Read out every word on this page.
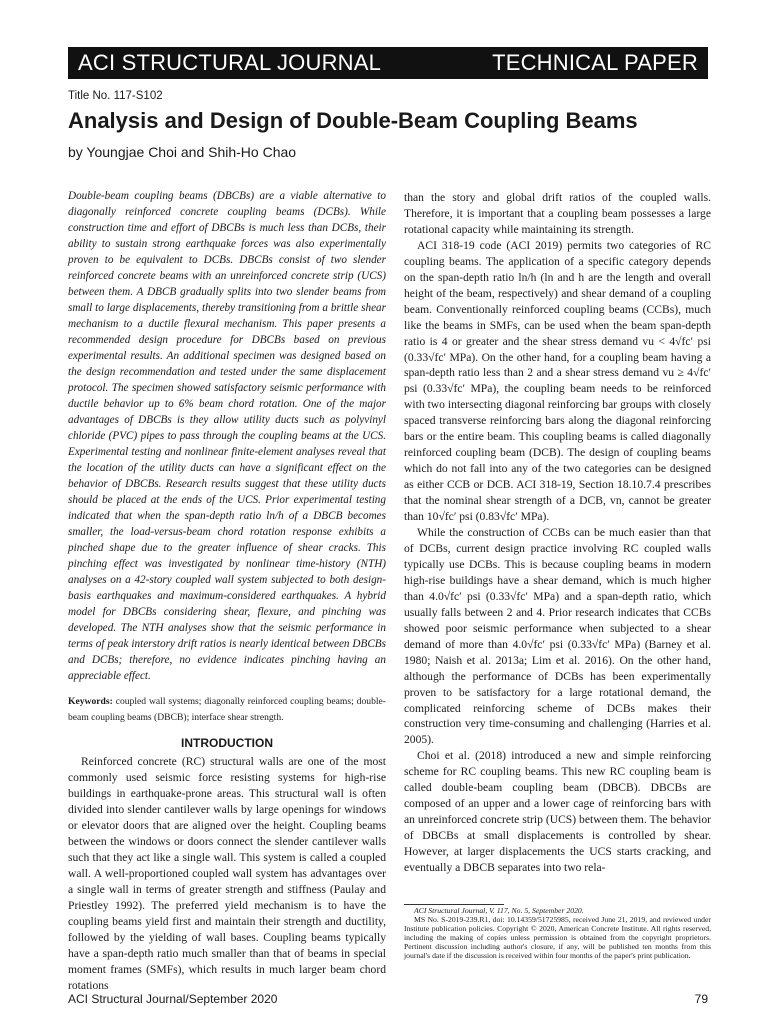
ACI STRUCTURAL JOURNAL	TECHNICAL PAPER
Title No. 117-S102
Analysis and Design of Double-Beam Coupling Beams
by Youngjae Choi and Shih-Ho Chao

Double-beam coupling beams (DBCBs) are a viable alternative to diagonally reinforced concrete coupling beams (DCBs). While construction time and effort of DBCBs is much less than DCBs, their ability to sustain strong earthquake forces was also experimentally proven to be equivalent to DCBs. DBCBs consist of two slender reinforced concrete beams with an unreinforced concrete strip (UCS) between them. A DBCB gradually splits into two slender beams from small to large displacements, thereby transitioning from a brittle shear mechanism to a ductile flexural mechanism. This paper presents a recommended design procedure for DBCBs based on previous experimental results. An additional specimen was designed based on the design recommendation and tested under the same displacement protocol. The specimen showed satisfactory seismic performance with ductile behavior up to 6% beam chord rotation. One of the major advantages of DBCBs is they allow utility ducts such as polyvinyl chloride (PVC) pipes to pass through the coupling beams at the UCS. Experimental testing and nonlinear finite-element analyses reveal that the location of the utility ducts can have a significant effect on the behavior of DBCBs. Research results suggest that these utility ducts should be placed at the ends of the UCS. Prior experimental testing indicated that when the span-depth ratio ln/h of a DBCB becomes smaller, the load-versus-beam chord rotation response exhibits a pinched shape due to the greater influence of shear cracks. This pinching effect was investigated by nonlinear time-history (NTH) analyses on a 42-story coupled wall system subjected to both design-basis earthquakes and maximum-considered earthquakes. A hybrid model for DBCBs considering shear, flexure, and pinching was developed. The NTH analyses show that the seismic performance in terms of peak interstory drift ratios is nearly identical between DBCBs and DCBs; therefore, no evidence indicates pinching having an appreciable effect.

Keywords: coupled wall systems; diagonally reinforced coupling beams; double-beam coupling beams (DBCB); interface shear strength.

INTRODUCTION

Reinforced concrete (RC) structural walls are one of the most commonly used seismic force resisting systems for high-rise buildings in earthquake-prone areas. This structural wall is often divided into slender cantilever walls by large openings for windows or elevator doors that are aligned over the height. Coupling beams between the windows or doors connect the slender cantilever walls such that they act like a single wall. This system is called a coupled wall. A well-proportioned coupled wall system has advantages over a single wall in terms of greater strength and stiffness (Paulay and Priestley 1992). The preferred yield mechanism is to have the coupling beams yield first and maintain their strength and ductility, followed by the yielding of wall bases. Coupling beams typically have a span-depth ratio much smaller than that of beams in special moment frames (SMFs), which results in much larger beam chord rotations

than the story and global drift ratios of the coupled walls. Therefore, it is important that a coupling beam possesses a large rotational capacity while maintaining its strength.

ACI 318-19 code (ACI 2019) permits two categories of RC coupling beams. The application of a specific category depends on the span-depth ratio ln/h (ln and h are the length and overall height of the beam, respectively) and shear demand of a coupling beam. Conventionally reinforced coupling beams (CCBs), much like the beams in SMFs, can be used when the beam span-depth ratio is 4 or greater and the shear stress demand vu < 4√fc′ psi (0.33√fc′ MPa). On the other hand, for a coupling beam having a span-depth ratio less than 2 and a shear stress demand vu ≥ 4√fc′ psi (0.33√fc′ MPa), the coupling beam needs to be reinforced with two intersecting diagonal reinforcing bar groups with closely spaced transverse reinforcing bars along the diagonal reinforcing bars or the entire beam. This coupling beams is called diagonally reinforced coupling beam (DCB). The design of coupling beams which do not fall into any of the two categories can be designed as either CCB or DCB. ACI 318-19, Section 18.10.7.4 prescribes that the nominal shear strength of a DCB, vn, cannot be greater than 10√fc′ psi (0.83√fc′ MPa).

While the construction of CCBs can be much easier than that of DCBs, current design practice involving RC coupled walls typically use DCBs. This is because coupling beams in modern high-rise buildings have a shear demand, which is much higher than 4.0√fc′ psi (0.33√fc′ MPa) and a span-depth ratio, which usually falls between 2 and 4. Prior research indicates that CCBs showed poor seismic performance when subjected to a shear demand of more than 4.0√fc′ psi (0.33√fc′ MPa) (Barney et al. 1980; Naish et al. 2013a; Lim et al. 2016). On the other hand, although the performance of DCBs has been experimentally proven to be satisfactory for a large rotational demand, the complicated reinforcing scheme of DCBs makes their construction very time-consuming and challenging (Harries et al. 2005).

Choi et al. (2018) introduced a new and simple reinforcing scheme for RC coupling beams. This new RC coupling beam is called double-beam coupling beam (DBCB). DBCBs are composed of an upper and a lower cage of reinforcing bars with an unreinforced concrete strip (UCS) between them. The behavior of DBCBs at small displacements is controlled by shear. However, at larger displacements the UCS starts cracking, and eventually a DBCB separates into two rela-

ACI Structural Journal, V. 117, No. 5, September 2020.

MS No. S-2019-239.R1, doi: 10.14359/51725985, received June 21, 2019, and reviewed under Institute publication policies. Copyright © 2020, American Concrete Institute. All rights reserved, including the making of copies unless permission is obtained from the copyright proprietors. Pertinent discussion including author's closure, if any, will be published ten months from this journal's date if the discussion is received within four months of the paper's print publication.

ACI Structural Journal/September 2020	79
